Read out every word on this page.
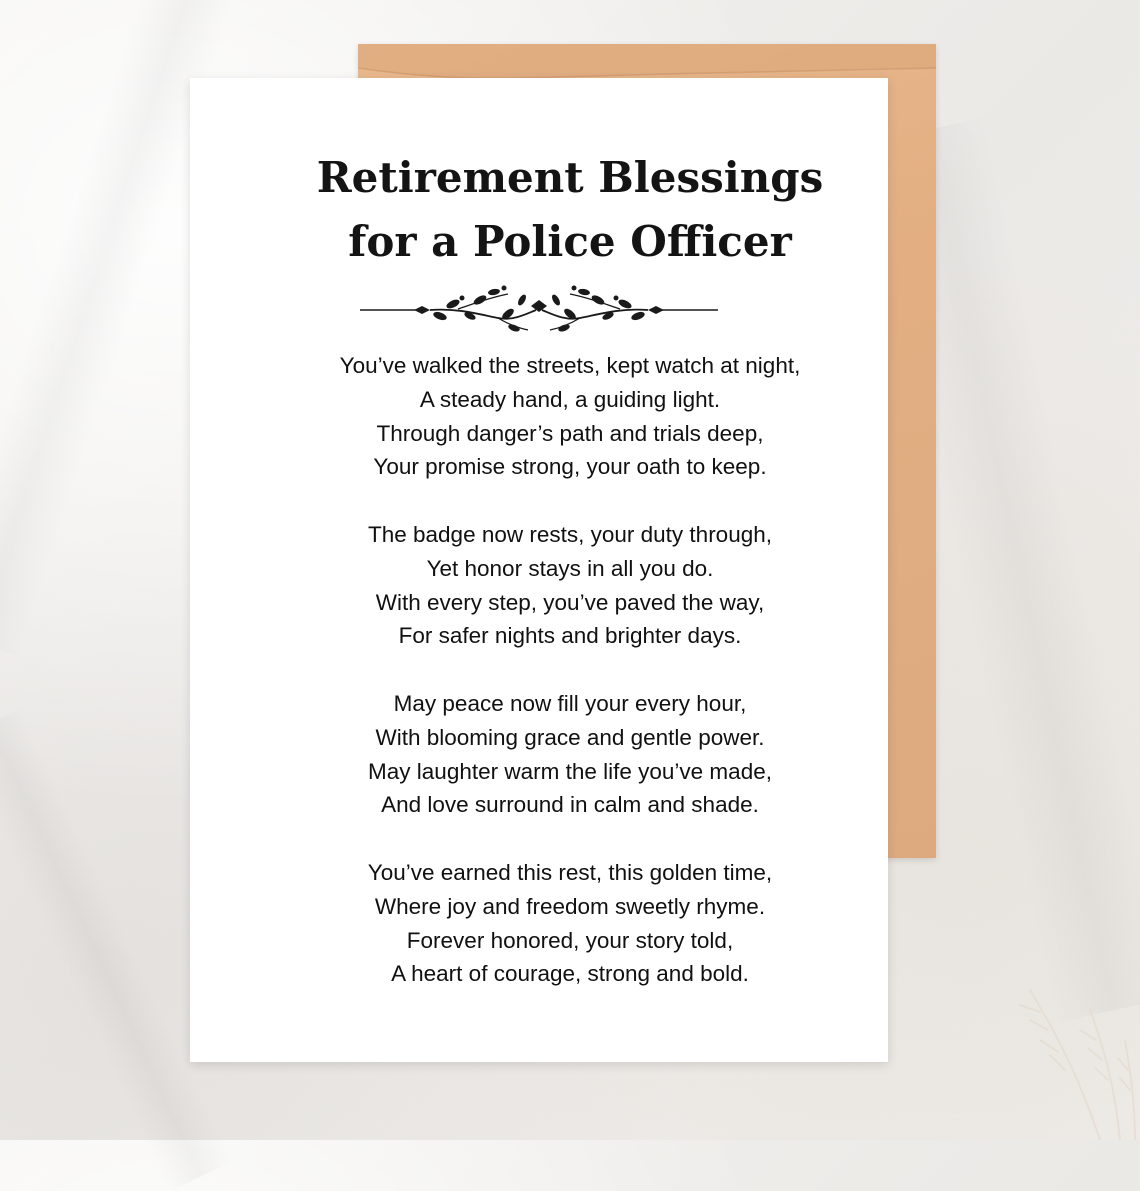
Retirement Blessings
for a Police Officer
You’ve walked the streets, kept watch at night,
A steady hand, a guiding light.
Through danger’s path and trials deep,
Your promise strong, your oath to keep.
The badge now rests, your duty through,
Yet honor stays in all you do.
With every step, you’ve paved the way,
For safer nights and brighter days.
May peace now fill your every hour,
With blooming grace and gentle power.
May laughter warm the life you’ve made,
And love surround in calm and shade.
You’ve earned this rest, this golden time,
Where joy and freedom sweetly rhyme.
Forever honored, your story told,
A heart of courage, strong and bold.
